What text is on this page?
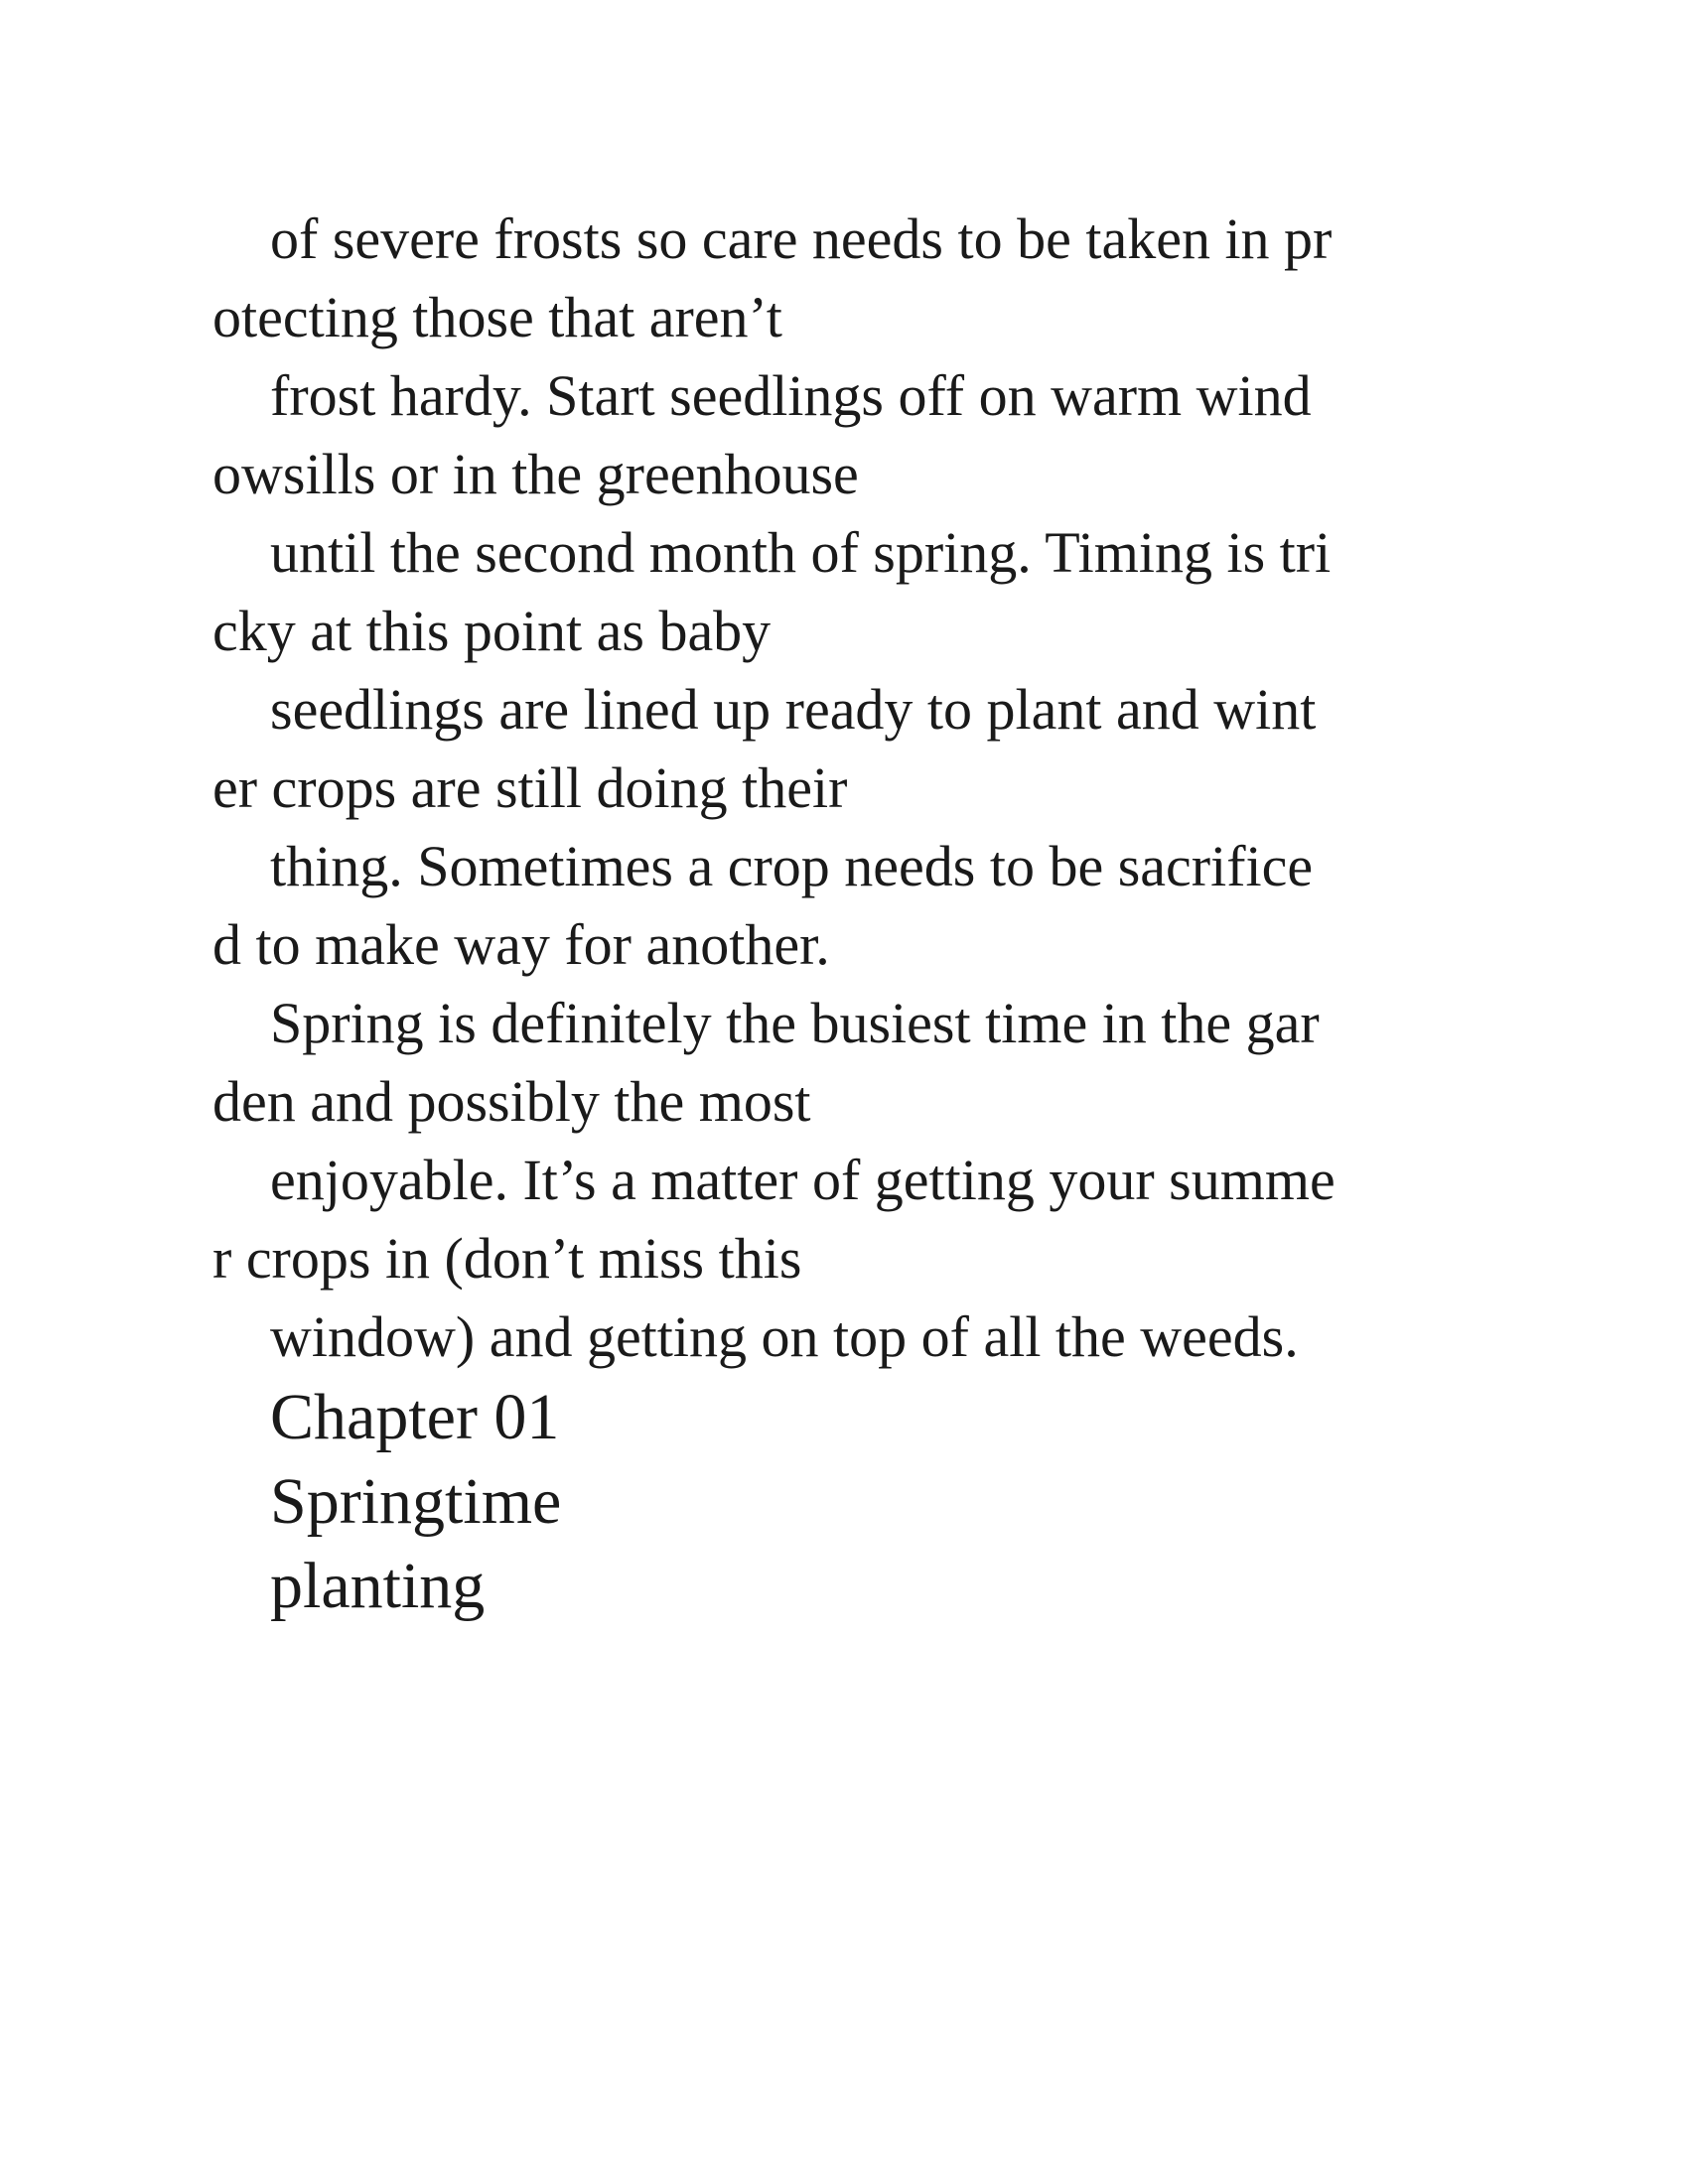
of severe frosts so care needs to be taken in pr
otecting those that aren’t
frost hardy. Start seedlings off on warm wind
owsills or in the greenhouse
until the second month of spring. Timing is tri
cky at this point as baby
seedlings are lined up ready to plant and wint
er crops are still doing their
thing. Sometimes a crop needs to be sacrifice
d to make way for another.
Spring is definitely the busiest time in the gar
den and possibly the most
enjoyable. It’s a matter of getting your summe
r crops in (don’t miss this
window) and getting on top of all the weeds.
Chapter 01
Springtime
planting
